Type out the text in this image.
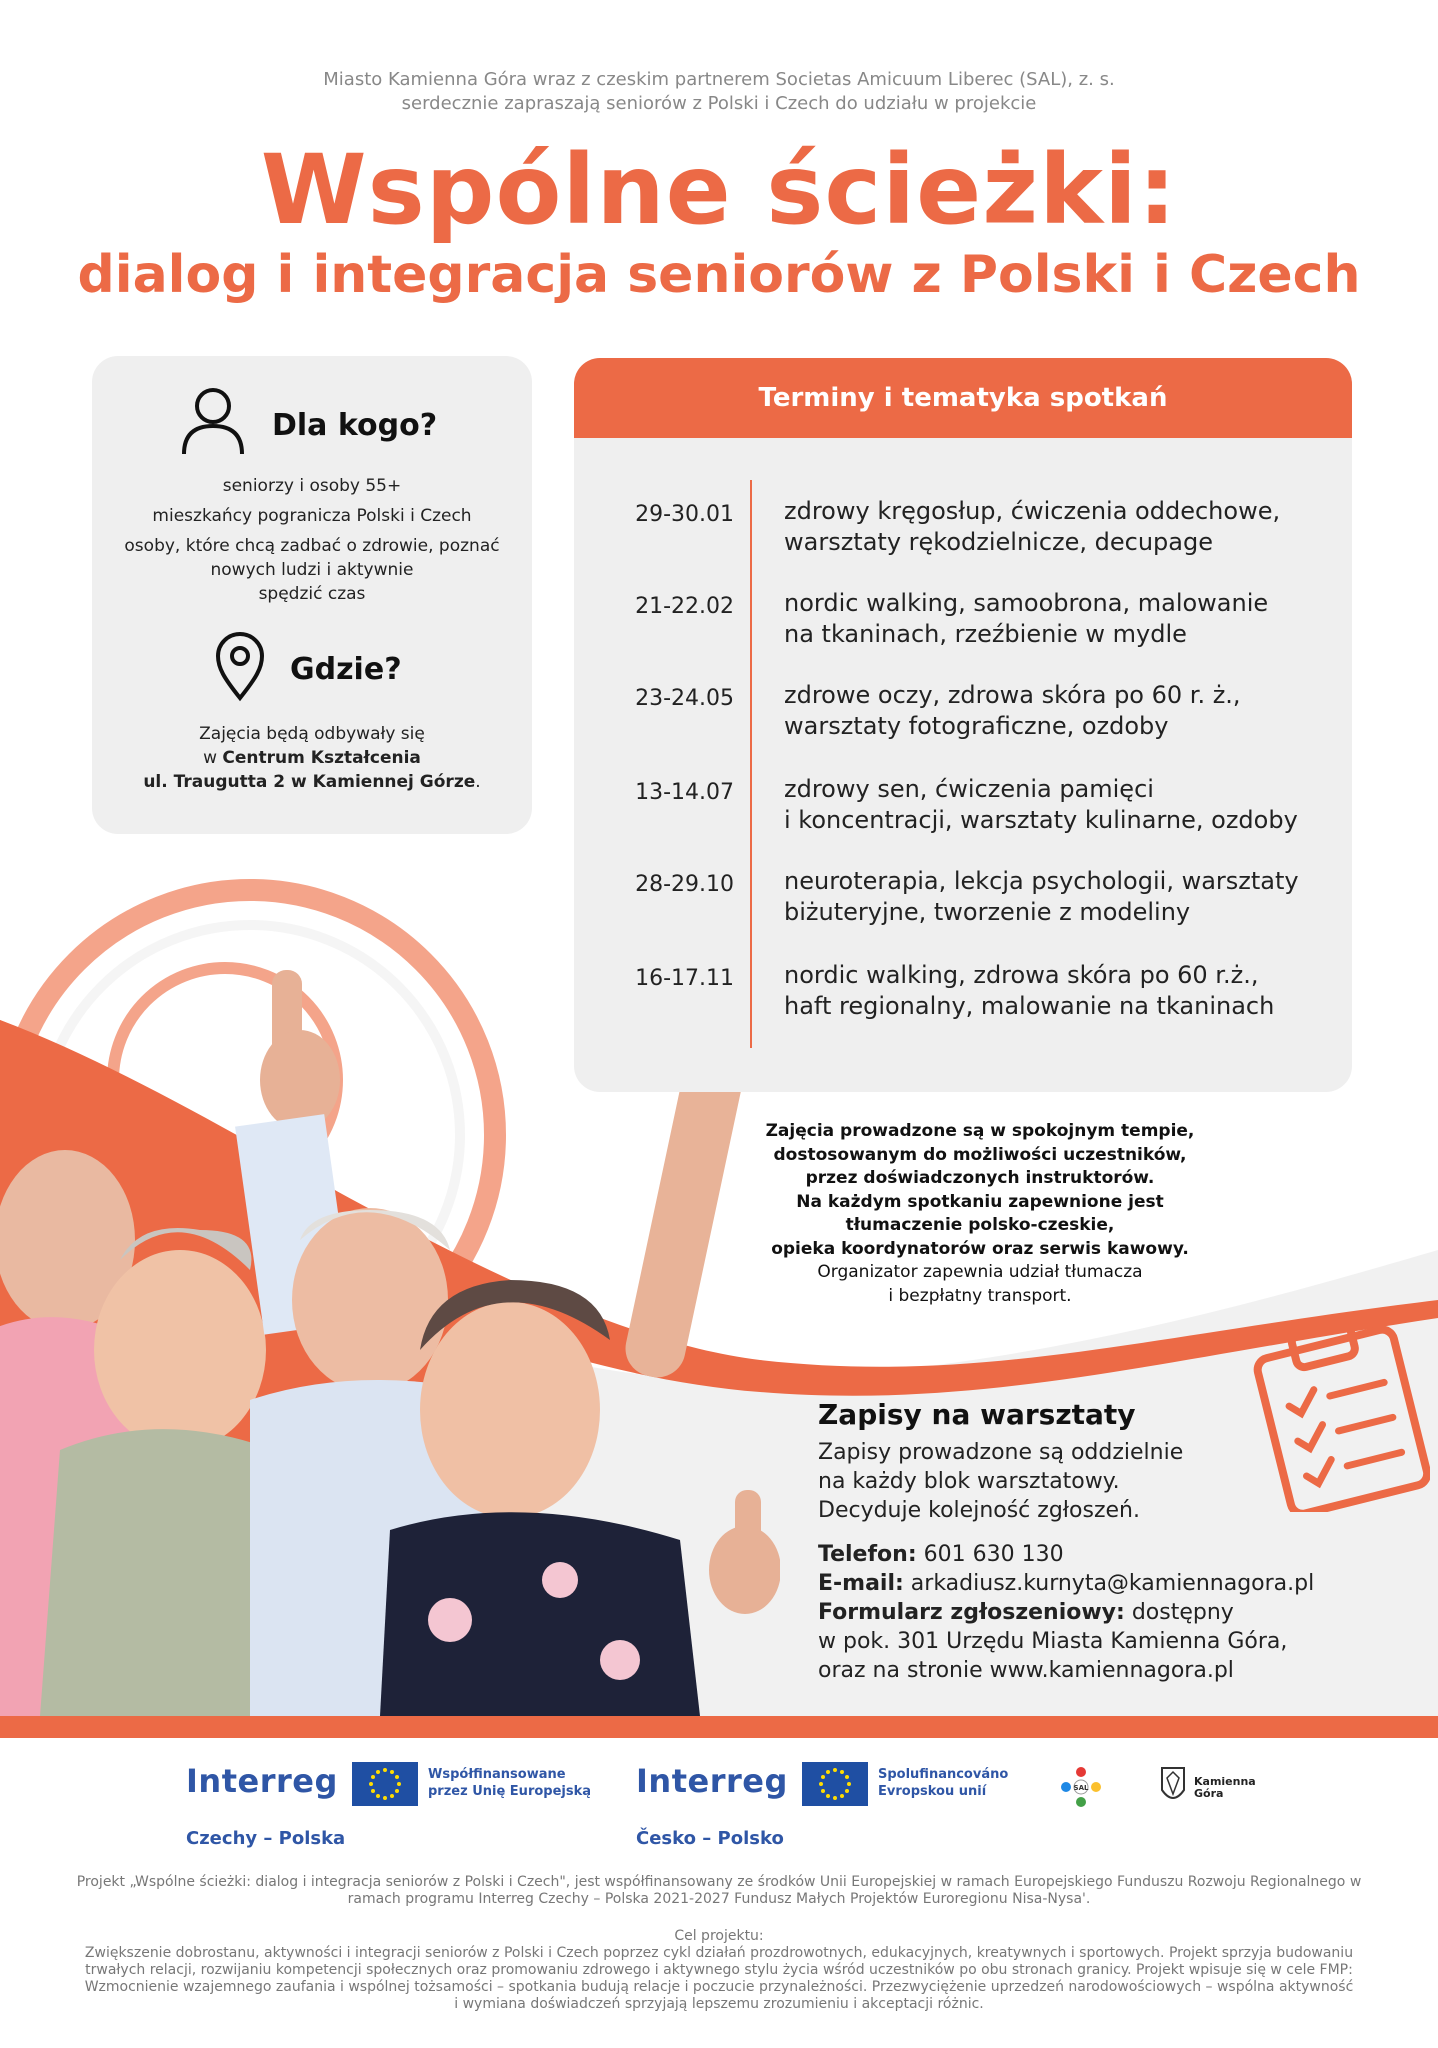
Miasto Kamienna Góra wraz z czeskim partnerem Societas Amicuum Liberec (SAL), z. s.
serdecznie zapraszają seniorów z Polski i Czech do udziału w projekcie
Wspólne ścieżki:
dialog i integracja seniorów z Polski i Czech
Dla kogo?
seniorzy i osoby 55+
mieszkańcy pogranicza Polski i Czech
osoby, które chcą zadbać o zdrowie, poznać
nowych ludzi i aktywnie
spędzić czas
Gdzie?
Zajęcia będą odbywały się
w Centrum Kształcenia
ul. Traugutta 2 w Kamiennej Górze.
Terminy i tematyka spotkań
29-30.01 zdrowy kręgosłup, ćwiczenia oddechowe,
warsztaty rękodzielnicze, decupage
21-22.02 nordic walking, samoobrona, malowanie
na tkaninach, rzeźbienie w mydle
23-24.05 zdrowe oczy, zdrowa skóra po 60 r. ż.,
warsztaty fotograficzne, ozdoby
13-14.07 zdrowy sen, ćwiczenia pamięci
i koncentracji, warsztaty kulinarne, ozdoby
28-29.10 neuroterapia, lekcja psychologii, warsztaty
biżuteryjne, tworzenie z modeliny
16-17.11 nordic walking, zdrowa skóra po 60 r.ż.,
haft regionalny, malowanie na tkaninach
Zajęcia prowadzone są w spokojnym tempie,
dostosowanym do możliwości uczestników,
przez doświadczonych instruktorów.
Na każdym spotkaniu zapewnione jest
tłumaczenie polsko-czeskie,
opieka koordynatorów oraz serwis kawowy.
Organizator zapewnia udział tłumacza
i bezpłatny transport.
Zapisy na warsztaty
Zapisy prowadzone są oddzielnie
na każdy blok warsztatowy.
Decyduje kolejność zgłoszeń.
Telefon: 601 630 130
E-mail: arkadiusz.kurnyta@kamiennagora.pl
Formularz zgłoszeniowy: dostępny
w pok. 301 Urzędu Miasta Kamienna Góra,
oraz na stronie www.kamiennagora.pl
Interreg
Czechy – Polska
Współfinansowane
przez Unię Europejską Interreg
Česko – Polsko
Spolufinancováno
Evropskou unií	SAL	Kamienna
Góra
Projekt „Wspólne ścieżki: dialog i integracja seniorów z Polski i Czech", jest współfinansowany ze środków Unii Europejskiej w ramach Europejskiego Funduszu Rozwoju Regionalnego w
ramach programu Interreg Czechy – Polska 2021-2027 Fundusz Małych Projektów Euroregionu Nisa-Nysa'.
Cel projektu:
Zwiększenie dobrostanu, aktywności i integracji seniorów z Polski i Czech poprzez cykl działań prozdrowotnych, edukacyjnych, kreatywnych i sportowych. Projekt sprzyja budowaniu
trwałych relacji, rozwijaniu kompetencji społecznych oraz promowaniu zdrowego i aktywnego stylu życia wśród uczestników po obu stronach granicy. Projekt wpisuje się w cele FMP:
Wzmocnienie wzajemnego zaufania i wspólnej tożsamości – spotkania budują relacje i poczucie przynależności. Przezwyciężenie uprzedzeń narodowościowych – wspólna aktywność
i wymiana doświadczeń sprzyjają lepszemu zrozumieniu i akceptacji różnic.
